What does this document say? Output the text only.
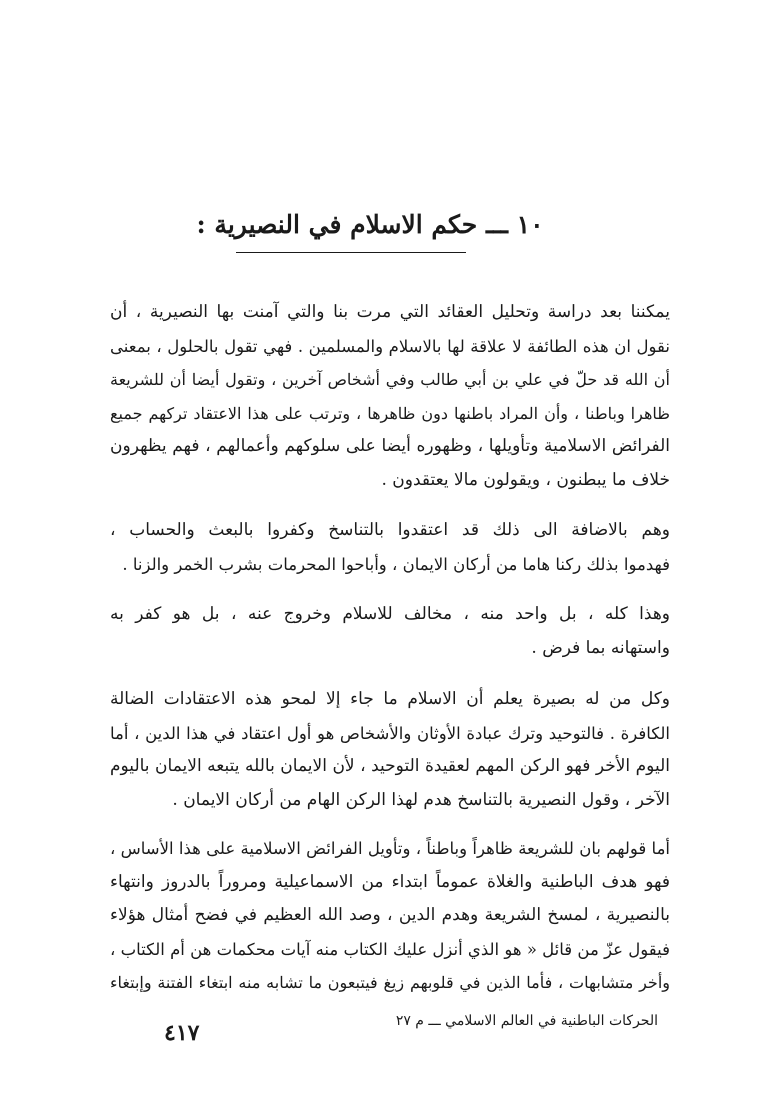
١٠ ـــ حكم الاسلام في النصيرية :
يمكننا بعد دراسة وتحليل العقائد التي مرت بنا والتي آمنت بها النصيرية ، أن
نقول ان هذه الطائفة لا علاقة لها بالاسلام والمسلمين . فهي تقول بالحلول ، بمعنى
أن الله قد حلّ في علي بن أبي طالب وفي أشخاص آخرين ، وتقول أيضا أن للشريعة
ظاهرا وباطنا ، وأن المراد باطنها دون ظاهرها ، وترتب على هذا الاعتقاد تركهم جميع
الفرائض الاسلامية وتأويلها ، وظهوره أيضا على سلوكهم وأعمالهم ، فهم يظهرون
خلاف ما يبطنون ، ويقولون مالا يعتقدون .
وهم بالاضافة الى ذلك قد اعتقدوا بالتناسخ وكفروا بالبعث والحساب ،
فهدموا بذلك ركنا هاما من أركان الايمان ، وأباحوا المحرمات بشرب الخمر والزنا .
وهذا كله ، بل واحد منه ، مخالف للاسلام وخروج عنه ، بل هو كفر به
واستهانه بما فرض .
وكل من له بصيرة يعلم أن الاسلام ما جاء إلا لمحو هذه الاعتقادات الضالة
الكافرة . فالتوحيد وترك عبادة الأوثان والأشخاص هو أول اعتقاد في هذا الدين ، أما
اليوم الأخر فهو الركن المهم لعقيدة التوحيد ، لأن الايمان بالله يتبعه الايمان باليوم
الآخر ، وقول النصيرية بالتناسخ هدم لهذا الركن الهام من أركان الايمان .
أما قولهم بان للشريعة ظاهراً وباطناً ، وتأويل الفرائض الاسلامية على هذا الأساس ،
فهو هدف الباطنية والغلاة عموماً ابتداء من الاسماعيلية ومروراً بالدروز وانتهاء
بالنصيرية ، لمسخ الشريعة وهدم الدين ، وصد الله العظيم في فضح أمثال هؤلاء
فيقول عزّ من قائل « هو الذي أنزل عليك الكتاب منه آيات محكمات هن أم الكتاب ،
وأخر متشابهات ، فأما الذين في قلوبهم زيغ فيتبعون ما تشابه منه ابتغاء الفتنة وإبتغاء
الحركات الباطنية في العالم الاسلامي ـــ م ٢٧
٤١٧
